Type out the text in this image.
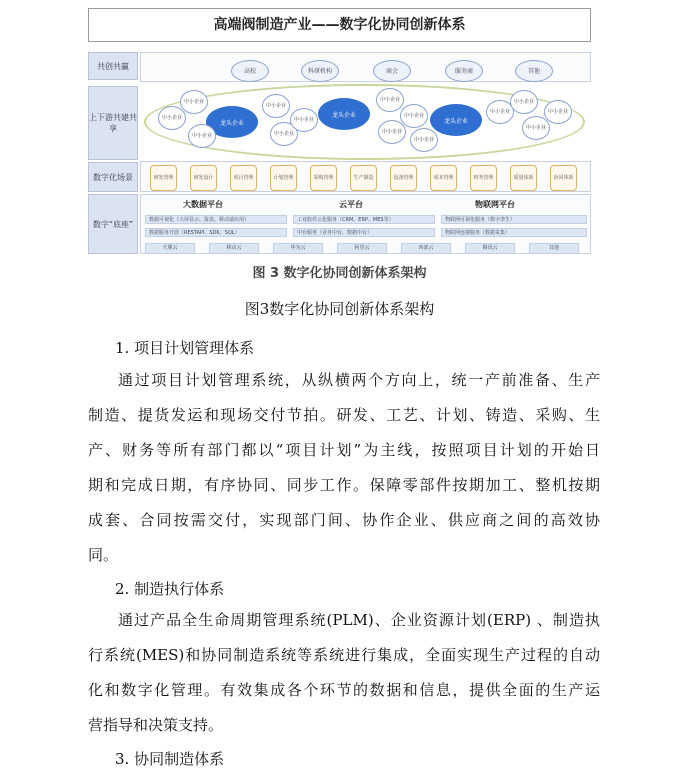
高端阀制造产业——数字化协同创新体系
共创共赢
高校	科研机构	商会	服务商	其他
上下游共建共享
龙头企业
龙头企业
龙头企业
中小企业
中小企业
中小企业
中小企业
中小企业
中小企业
中小企业
中小企业
中小企业
中小企业
中小企业
中小企业
中小企业
中小企业
数字化场景	研发管理	研发设计	项目管理	计划管理	采购管理	生产制造	设备管理	成本管理	财务管理	质量体系	协同体系
数字“底座”
大数据平台	云平台	物联网平台
数据可视化（大屏显示、报表、移动端应用）
数据服务开放（RESTAPI、SDK、SQL）
工业软件云化服务（CRM、ERP、MES等）
中台服务（业务中台、数据中台）
物联网可视化服务（数字孪生）
物联网连接服务（数据采集）
天翼云	移动云	华为云	阿里云	西部云	腾讯云	其他
图 3 数字化协同创新体系架构
图3数字化协同创新体系架构
1. 项目计划管理体系
通过项目计划管理系统，从纵横两个方向上，统一产前准备、生产
制造、提货发运和现场交付节拍。研发、工艺、计划、铸造、采购、生
产、财务等所有部门都以“项目计划”为主线，按照项目计划的开始日
期和完成日期，有序协同、同步工作。保障零部件按期加工、整机按期
成套、合同按需交付，实现部门间、协作企业、供应商之间的高效协
同。
2. 制造执行体系
通过产品全生命周期管理系统(PLM)、企业资源计划(ERP) 、制造执
行系统(MES)和协同制造系统等系统进行集成，全面实现生产过程的自动
化和数字化管理。有效集成各个环节的数据和信息，提供全面的生产运
营指导和决策支持。
3. 协同制造体系
